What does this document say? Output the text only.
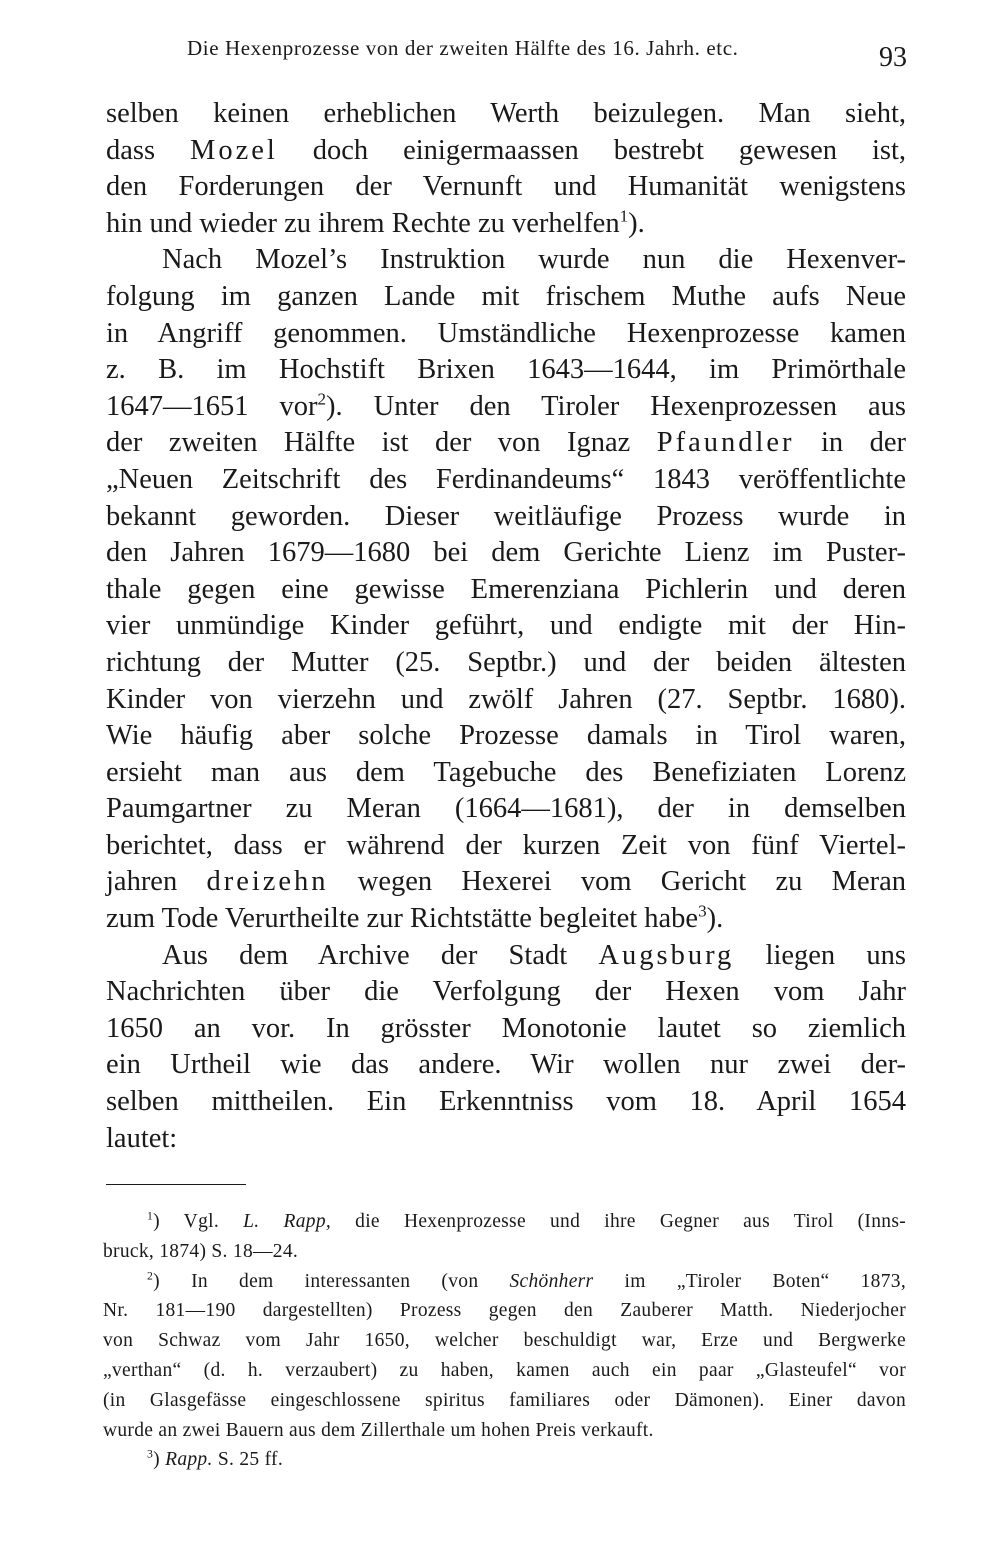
Die Hexenprozesse von der zweiten Hälfte des 16. Jahrh. etc.	93
selben keinen erheblichen Werth beizulegen. Man sieht,
dass Mozel doch einigermaassen bestrebt gewesen ist,
den Forderungen der Vernunft und Humanität wenigstens
hin und wieder zu ihrem Rechte zu verhelfen$^1$).
Nach Mozel’s Instruktion wurde nun die Hexenver-
folgung im ganzen Lande mit frischem Muthe aufs Neue
in Angriff genommen. Umständliche Hexenprozesse kamen
z. B. im Hochstift Brixen 1643—1644, im Primörthale
1647—1651 vor$^2$). Unter den Tiroler Hexenprozessen aus
der zweiten Hälfte ist der von Ignaz Pfaundler in der
„Neuen Zeitschrift des Ferdinandeums“ 1843 veröffentlichte
bekannt geworden. Dieser weitläufige Prozess wurde in
den Jahren 1679—1680 bei dem Gerichte Lienz im Puster-
thale gegen eine gewisse Emerenziana Pichlerin und deren
vier unmündige Kinder geführt, und endigte mit der Hin-
richtung der Mutter (25. Septbr.) und der beiden ältesten
Kinder von vierzehn und zwölf Jahren (27. Septbr. 1680).
Wie häufig aber solche Prozesse damals in Tirol waren,
ersieht man aus dem Tagebuche des Benefiziaten Lorenz
Paumgartner zu Meran (1664—1681), der in demselben
berichtet, dass er während der kurzen Zeit von fünf Viertel-
jahren dreizehn wegen Hexerei vom Gericht zu Meran
zum Tode Verurtheilte zur Richtstätte begleitet habe$^3$).
Aus dem Archive der Stadt Augsburg liegen uns
Nachrichten über die Verfolgung der Hexen vom Jahr
1650 an vor. In grösster Monotonie lautet so ziemlich
ein Urtheil wie das andere. Wir wollen nur zwei der-
selben mittheilen. Ein Erkenntniss vom 18. April 1654
lautet:
$^1$) Vgl. L. Rapp, die Hexenprozesse und ihre Gegner aus Tirol (Inns-
bruck, 1874) S. 18—24.
$^2$) In dem interessanten (von Schönherr im „Tiroler Boten“ 1873,
Nr. 181—190 dargestellten) Prozess gegen den Zauberer Matth. Niederjocher
von Schwaz vom Jahr 1650, welcher beschuldigt war, Erze und Bergwerke
„verthan“ (d. h. verzaubert) zu haben, kamen auch ein paar „Glasteufel“ vor
(in Glasgefässe eingeschlossene spiritus familiares oder Dämonen). Einer davon
wurde an zwei Bauern aus dem Zillerthale um hohen Preis verkauft.
$^3$) Rapp. S. 25 ff.
